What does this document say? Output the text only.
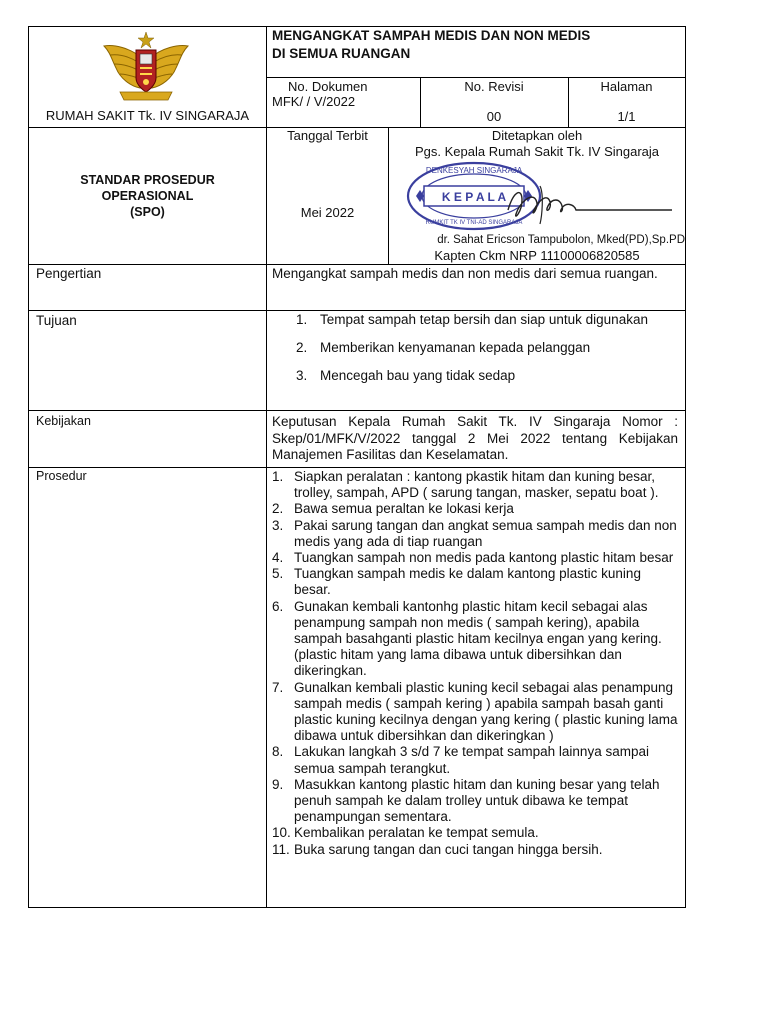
RUMAH SAKIT Tk. IV SINGARAJA
MENGANGKAT SAMPAH MEDIS DAN NON MEDIS
DI SEMUA RUANGAN
No. Dokumen
MFK/ / V/2022
No. Revisi
00
Halaman
1/1
STANDAR PROSEDUR
OPERASIONAL
(SPO)
Tanggal Terbit
Mei 2022
Ditetapkan oleh
Pgs. Kepala Rumah Sakit Tk. IV Singaraja
DENKESYAH SINGARAJA
K E P A L A
RUMKIT TK IV TNI-AD SINGARAJA
dr. Sahat Ericson Tampubolon, Mked(PD),Sp.PD
Kapten Ckm NRP 11100006820585
Pengertian	Mengangkat sampah medis dan non medis dari semua ruangan.
Tujuan	1. Tempat sampah tetap bersih dan siap untuk digunakan
2. Memberikan kenyamanan kepada pelanggan
3. Mencegah bau yang tidak sedap
Kebijakan	Keputusan Kepala Rumah Sakit Tk. IV Singaraja Nomor : Skep/01/MFK/V/2022 tanggal 2 Mei 2022 tentang Kebijakan Manajemen Fasilitas dan Keselamatan.
Prosedur	1. Siapkan peralatan : kantong pkastik hitam dan kuning besar, trolley, sampah, APD ( sarung tangan, masker, sepatu boat ).
2. Bawa semua peraltan ke lokasi kerja
3. Pakai sarung tangan dan angkat semua sampah medis dan non medis yang ada di tiap ruangan
4. Tuangkan sampah non medis pada kantong plastic hitam besar
5. Tuangkan sampah medis ke dalam kantong plastic kuning besar.
6. Gunakan kembali kantonhg plastic hitam kecil sebagai alas penampung sampah non medis ( sampah kering), apabila sampah basahganti plastic hitam kecilnya engan yang kering. (plastic hitam yang lama dibawa untuk dibersihkan dan dikeringkan.
7. Gunalkan kembali plastic kuning kecil sebagai alas penampung sampah medis ( sampah kering ) apabila sampah basah ganti plastic kuning kecilnya dengan yang kering ( plastic kuning lama dibawa untuk dibersihkan dan dikeringkan )
8. Lakukan langkah 3 s/d 7 ke tempat sampah lainnya sampai semua sampah terangkut.
9. Masukkan kantong plastic hitam dan kuning besar yang telah penuh sampah ke dalam trolley untuk dibawa ke tempat penampungan sementara.
10. Kembalikan peralatan ke tempat semula.
11. Buka sarung tangan dan cuci tangan hingga bersih.
